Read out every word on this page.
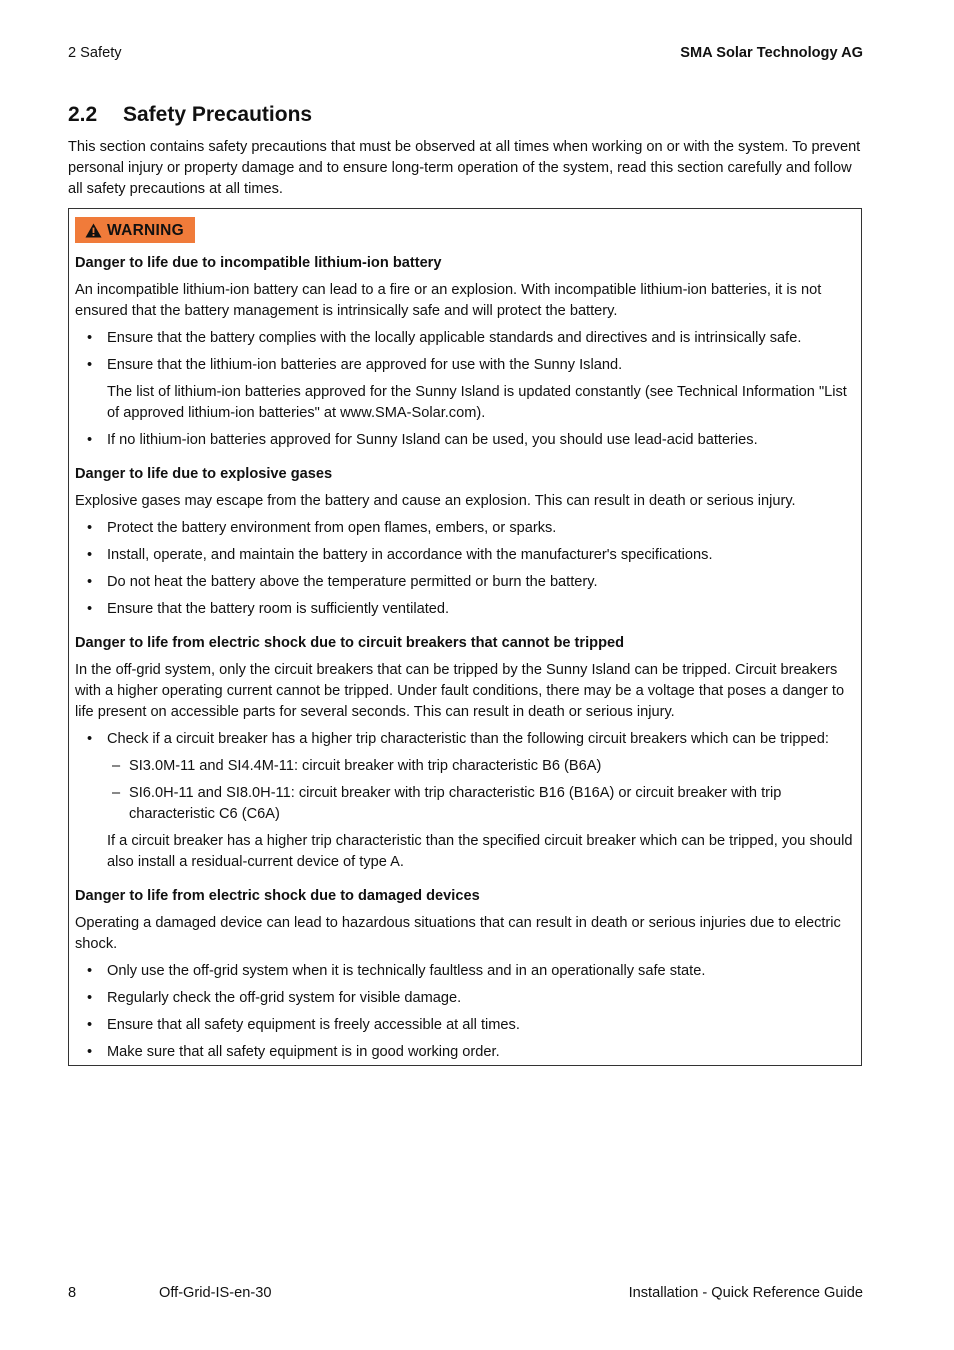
2 Safety	SMA Solar Technology AG
2.2 Safety Precautions

This section contains safety precautions that must be observed at all times when working on or with the system. To prevent personal injury or property damage and to ensure long-term operation of the system, read this section carefully and follow all safety precautions at all times.

WARNING

Danger to life due to incompatible lithium-ion battery

An incompatible lithium-ion battery can lead to a fire or an explosion. With incompatible lithium-ion batteries, it is not ensured that the battery management is intrinsically safe and will protect the battery.

• Ensure that the battery complies with the locally applicable standards and directives and is intrinsically safe.
• Ensure that the lithium-ion batteries are approved for use with the Sunny Island.

The list of lithium-ion batteries approved for the Sunny Island is updated constantly (see Technical Information "List of approved lithium-ion batteries" at www.SMA-Solar.com).

• If no lithium-ion batteries approved for Sunny Island can be used, you should use lead-acid batteries.

Danger to life due to explosive gases

Explosive gases may escape from the battery and cause an explosion. This can result in death or serious injury.

• Protect the battery environment from open flames, embers, or sparks.
• Install, operate, and maintain the battery in accordance with the manufacturer's specifications.
• Do not heat the battery above the temperature permitted or burn the battery.
• Ensure that the battery room is sufficiently ventilated.

Danger to life from electric shock due to circuit breakers that cannot be tripped

In the off-grid system, only the circuit breakers that can be tripped by the Sunny Island can be tripped. Circuit breakers with a higher operating current cannot be tripped. Under fault conditions, there may be a voltage that poses a danger to life present on accessible parts for several seconds. This can result in death or serious injury.

• Check if a circuit breaker has a higher trip characteristic than the following circuit breakers which can be tripped:
– SI3.0M-11 and SI4.4M-11: circuit breaker with trip characteristic B6 (B6A)
– SI6.0H-11 and SI8.0H-11: circuit breaker with trip characteristic B16 (B16A) or circuit breaker with trip characteristic C6 (C6A)

If a circuit breaker has a higher trip characteristic than the specified circuit breaker which can be tripped, you should also install a residual-current device of type A.

Danger to life from electric shock due to damaged devices

Operating a damaged device can lead to hazardous situations that can result in death or serious injuries due to electric shock.

• Only use the off-grid system when it is technically faultless and in an operationally safe state.
• Regularly check the off-grid system for visible damage.
• Ensure that all safety equipment is freely accessible at all times.
• Make sure that all safety equipment is in good working order.
8	Off-Grid-IS-en-30	Installation - Quick Reference Guide
